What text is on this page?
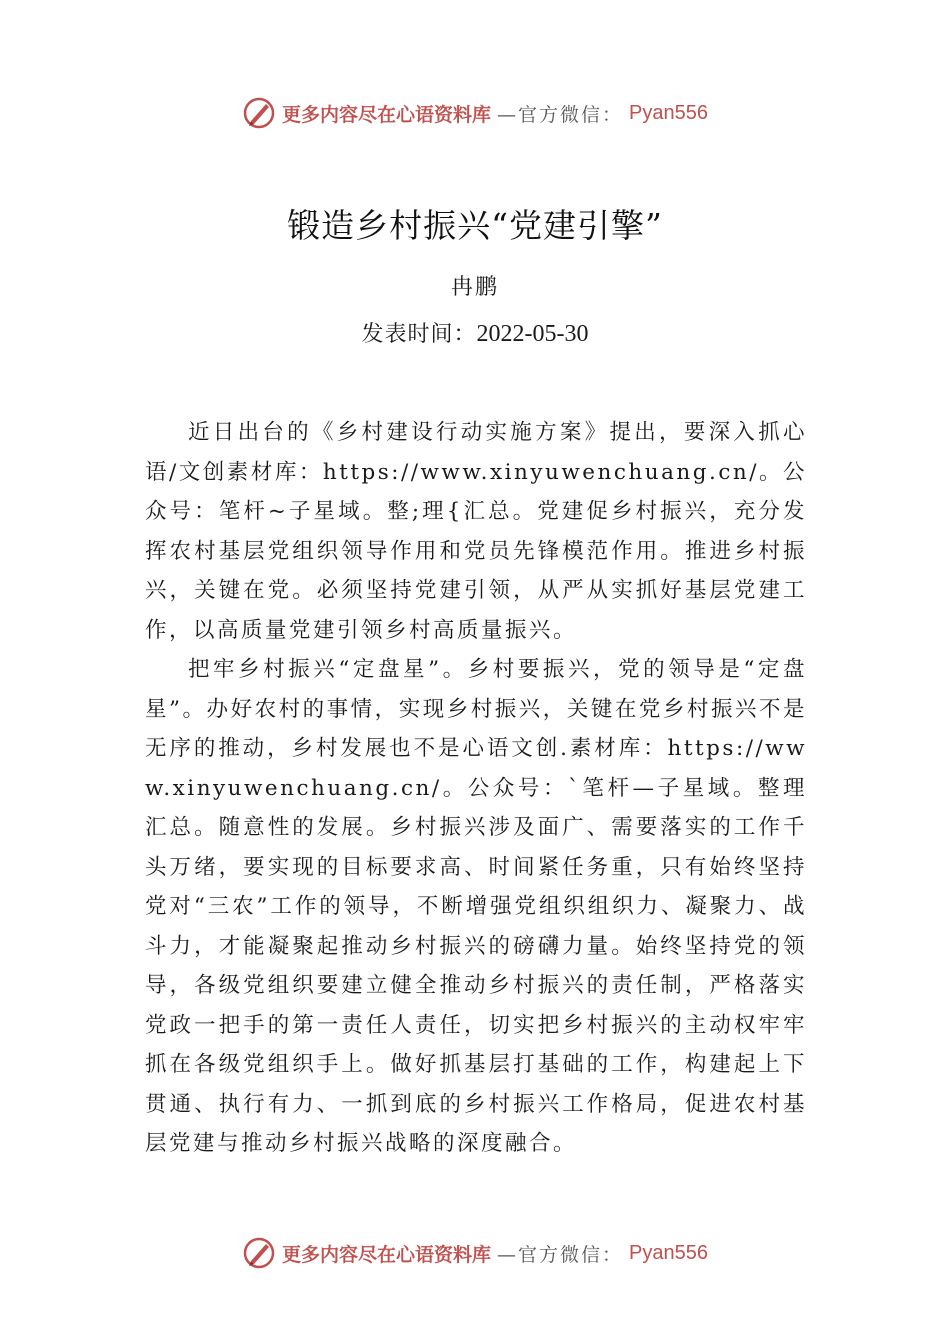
更多内容尽在心语资料库 —官方微信： Pyan556
锻造乡村振兴“党建引擎”
冉鹏
发表时间：2022-05-30

近日出台的《乡村建设行动实施方案》提出，要深入抓心语/文创素材库：https://www.xinyuwenchuang.cn/。公众号：笔杆~子星域。整;理{汇总。党建促乡村振兴，充分发挥农村基层党组织领导作用和党员先锋模范作用。推进乡村振兴，关键在党。必须坚持党建引领，从严从实抓好基层党建工作，以高质量党建引领乡村高质量振兴。

把牢乡村振兴“定盘星”。乡村要振兴，党的领导是“定盘星”。办好农村的事情，实现乡村振兴，关键在党乡村振兴不是无序的推动，乡村发展也不是心语文创.素材库：https://www.xinyuwenchuang.cn/。公众号：`笔杆—子星域。整理汇总。随意性的发展。乡村振兴涉及面广、需要落实的工作千头万绪，要实现的目标要求高、时间紧任务重，只有始终坚持党对“三农”工作的领导，不断增强党组织组织力、凝聚力、战斗力，才能凝聚起推动乡村振兴的磅礴力量。始终坚持党的领导，各级党组织要建立健全推动乡村振兴的责任制，严格落实党政一把手的第一责任人责任，切实把乡村振兴的主动权牢牢抓在各级党组织手上。做好抓基层打基础的工作，构建起上下贯通、执行有力、一抓到底的乡村振兴工作格局，促进农村基层党建与推动乡村振兴战略的深度融合。

更多内容尽在心语资料库 —官方微信： Pyan556
